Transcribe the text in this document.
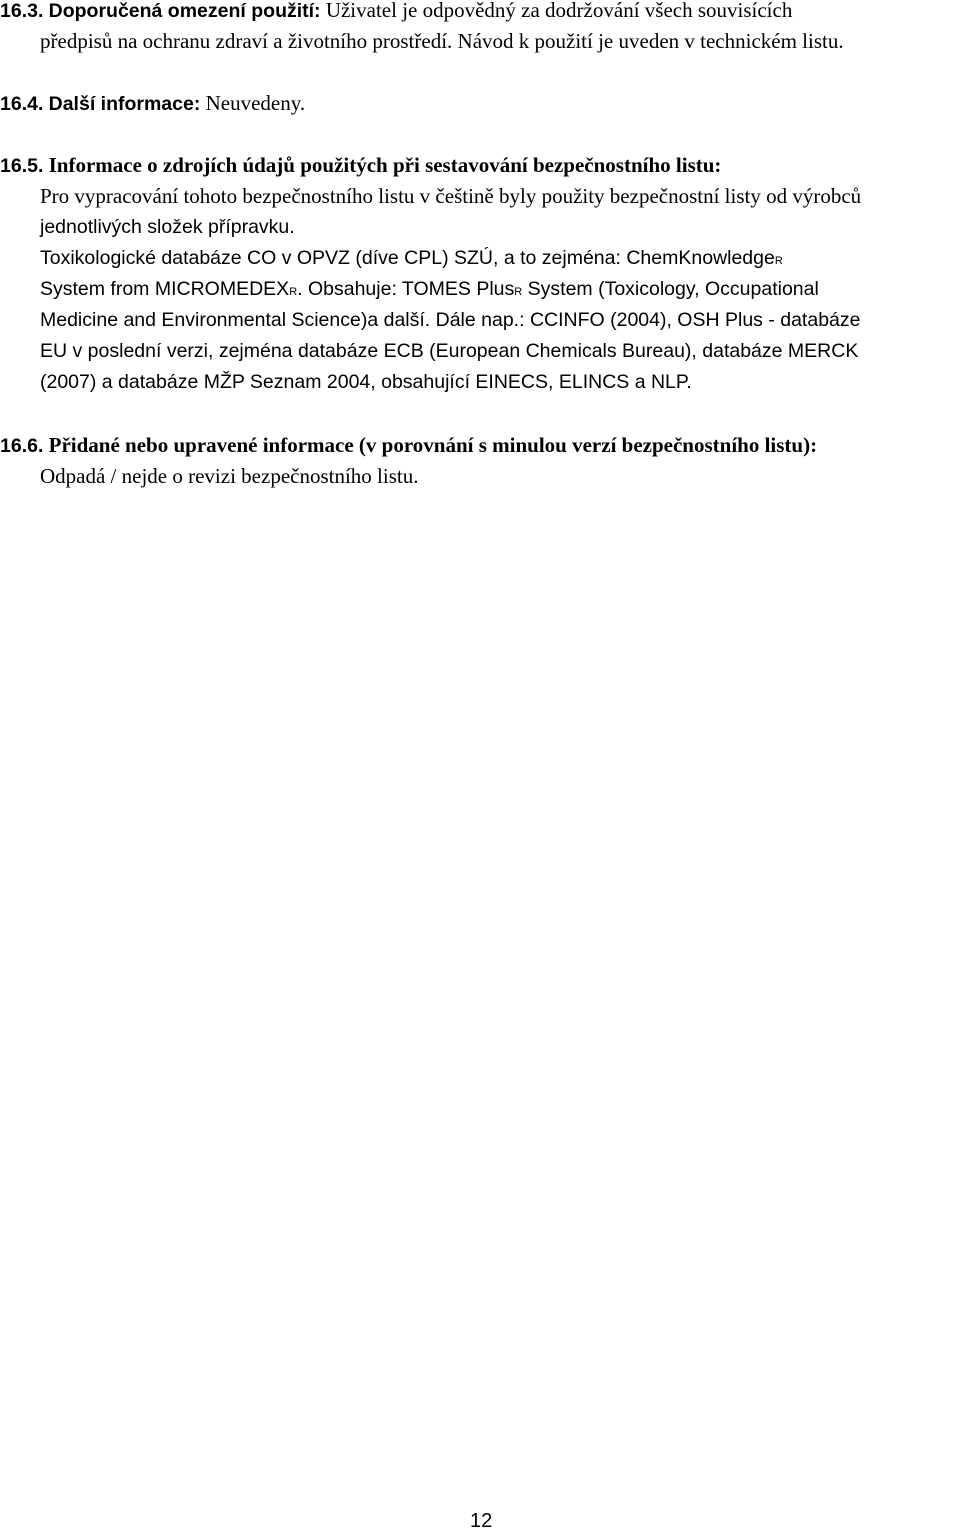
16.3. Doporučená omezení použití: Uživatel je odpovědný za dodržování všech souvisících
předpisů na ochranu zdraví a životního prostředí. Návod k použití je uveden v technickém listu.
16.4. Další informace: Neuvedeny.
16.5. Informace o zdrojích údajů použitých při sestavování bezpečnostního listu:
Pro vypracování tohoto bezpečnostního listu v češtině byly použity bezpečnostní listy od výrobců
jednotlivých složek přípravku.
Toxikologické databáze CO v OPVZ (díve CPL) SZÚ, a to zejména: ChemKnowledgeR
System from MICROMEDEXR. Obsahuje: TOMES PlusR System (Toxicology, Occupational
Medicine and Environmental Science)a další. Dále nap.: CCINFO (2004), OSH Plus - databáze
EU v poslední verzi, zejména databáze ECB (European Chemicals Bureau), databáze MERCK
(2007) a databáze MŽP Seznam 2004, obsahující EINECS, ELINCS a NLP.
16.6. Přidané nebo upravené informace (v porovnání s minulou verzí bezpečnostního listu):
Odpadá / nejde o revizi bezpečnostního listu.
12
